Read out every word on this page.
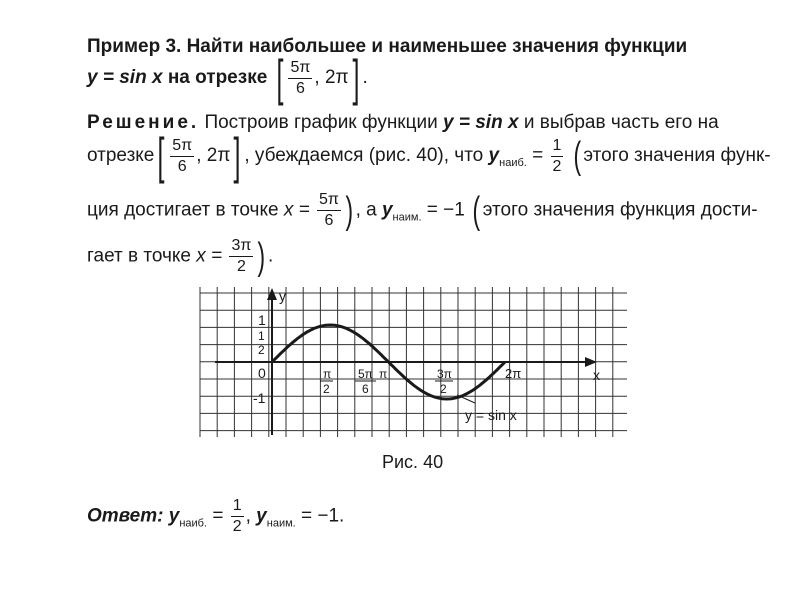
Пример 3. Найти наибольшее и наименьшее значения функции
y = sin x на отрезке [ $\frac{5\pi}{6}$ , 2π] .
Решение. Построив график функции y = sin x и выбрав часть его на
отрезке[ $\frac{5\pi}{6}$ , 2π] , убеждаемся (рис. 40), что $y_{наиб.} = \frac{1}{2}$ ( этого значения функ-
ция достигает в точке $x = \frac{5\pi}{6}$ ) , а $y_{наим.} = -1$ ( этого значения функция дости-
гает в точке $x = \frac{3\pi}{2}$ ) .
y
x
0
1
1
2
-1
π
2
5π
6
π	3π
2
2π
y = sin x
Рис. 40
Ответ: $y_{наиб.} = \frac{1}{2}$ , $y_{наим.} = -1$.
